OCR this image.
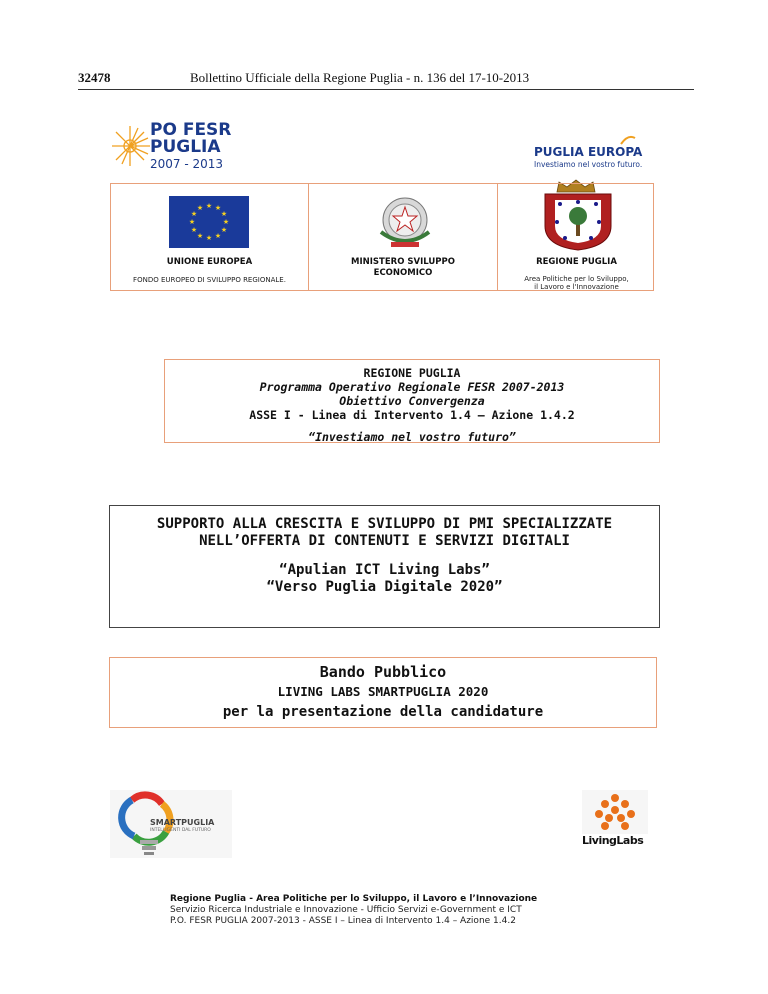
32478	Bollettino Ufficiale della Regione Puglia - n. 136 del 17-10-2013
PO FESR
PUGLIA
2007 - 2013
PUGLIA EUROPA
Investiamo nel vostro futuro.
★ ★
★
★
★
★
★
★
★
★
★
★
UNIONE EUROPEA
FONDO EUROPEO DI SVILUPPO REGIONALE.
MINISTERO SVILUPPO
ECONOMICO
REGIONE PUGLIA
Area Politiche per lo Sviluppo,
il Lavoro e l'Innovazione
REGIONE PUGLIA
Programma Operativo Regionale FESR 2007-2013
Obiettivo Convergenza
ASSE I - Linea di Intervento 1.4 – Azione 1.4.2
“Investiamo nel vostro futuro”
SUPPORTO ALLA CRESCITA E SVILUPPO DI PMI SPECIALIZZATE
NELL’OFFERTA DI CONTENUTI E SERVIZI DIGITALI
“Apulian ICT Living Labs”
“Verso Puglia Digitale 2020”
Bando Pubblico
LIVING LABS SMARTPUGLIA 2020
per la presentazione della candidature
SMARTPUGLIA
INTELLIGENTI DAL FUTURO
LivingLabs
Regione Puglia - Area Politiche per lo Sviluppo, il Lavoro e l’Innovazione
Servizio Ricerca Industriale e Innovazione - Ufficio Servizi e-Government e ICT
P.O. FESR PUGLIA 2007-2013 - ASSE I – Linea di Intervento 1.4 – Azione 1.4.2
